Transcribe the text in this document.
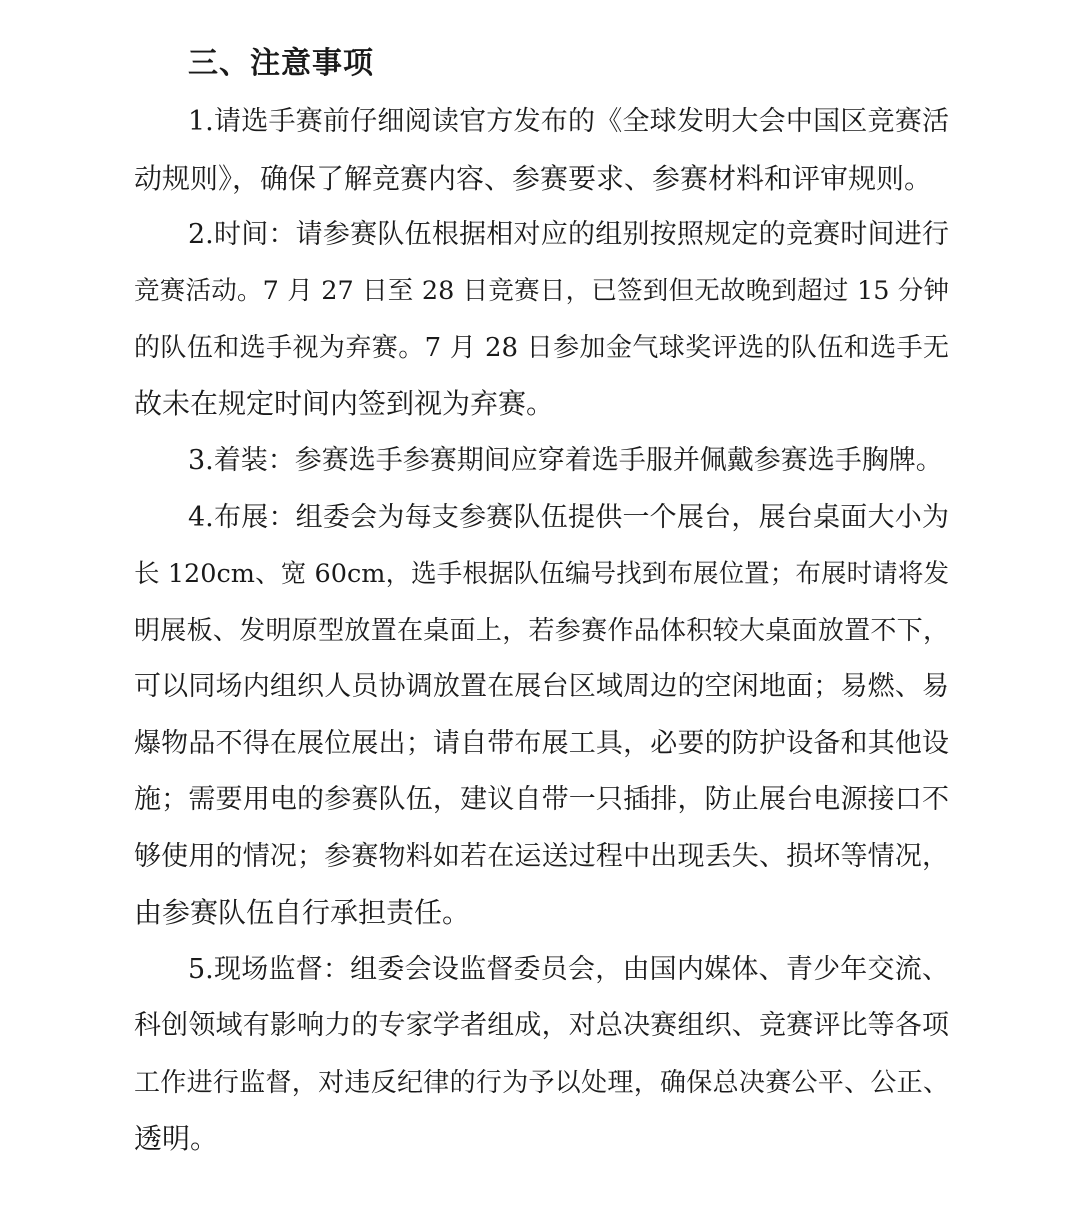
三、注意事项

1.请选手赛前仔细阅读官方发布的《全球发明大会中国区竞赛活

动规则》，确保了解竞赛内容、参赛要求、参赛材料和评审规则。

2.时间：请参赛队伍根据相对应的组别按照规定的竞赛时间进行

竞赛活动。7 月 27 日至 28 日竞赛日，已签到但无故晚到超过 15 分钟

的队伍和选手视为弃赛。7 月 28 日参加金气球奖评选的队伍和选手无

故未在规定时间内签到视为弃赛。

3.着装：参赛选手参赛期间应穿着选手服并佩戴参赛选手胸牌。

4.布展：组委会为每支参赛队伍提供一个展台，展台桌面大小为

长 120cm、宽 60cm，选手根据队伍编号找到布展位置；布展时请将发

明展板、发明原型放置在桌面上，若参赛作品体积较大桌面放置不下，

可以同场内组织人员协调放置在展台区域周边的空闲地面；易燃、易

爆物品不得在展位展出；请自带布展工具，必要的防护设备和其他设

施；需要用电的参赛队伍，建议自带一只插排，防止展台电源接口不

够使用的情况；参赛物料如若在运送过程中出现丢失、损坏等情况，

由参赛队伍自行承担责任。

5.现场监督：组委会设监督委员会，由国内媒体、青少年交流、

科创领域有影响力的专家学者组成，对总决赛组织、竞赛评比等各项

工作进行监督，对违反纪律的行为予以处理，确保总决赛公平、公正、

透明。
